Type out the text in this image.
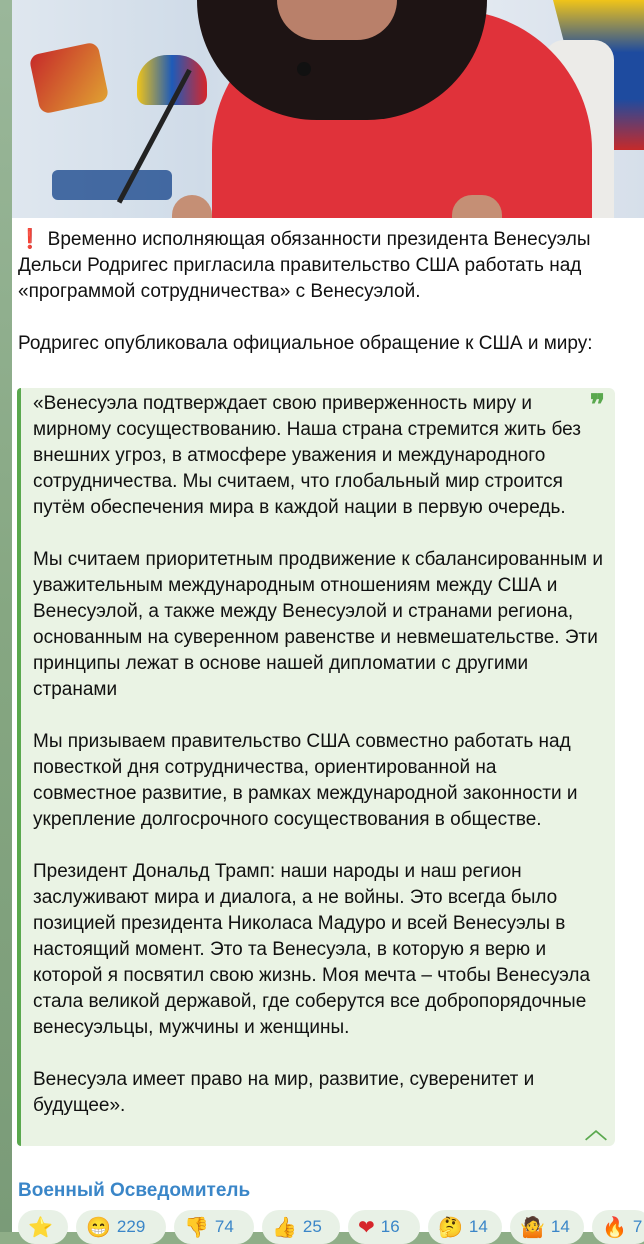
❗ Временно исполняющая обязанности президента Венесуэлы Дельси Родригес пригласила правительство США работать над «программой сотрудничества» с Венесуэлой.
Родригес опубликовала официальное обращение к США и миру:
❞

«Венесуэла подтверждает свою приверженность миру и мирному сосуществованию. Наша страна стремится жить без внешних угроз, в атмосфере уважения и международного сотрудничества. Мы считаем, что глобальный мир строится путём обеспечения мира в каждой нации в первую очередь.

Мы считаем приоритетным продвижение к сбалансированным и уважительным международным отношениям между США и Венесуэлой, а также между Венесуэлой и странами региона, основанным на суверенном равенстве и невмешательстве. Эти принципы лежат в основе нашей дипломатии с другими странами

Мы призываем правительство США совместно работать над повесткой дня сотрудничества, ориентированной на совместное развитие, в рамках международной законности и укрепление долгосрочного сосуществования в обществе.

Президент Дональд Трамп: наши народы и наш регион заслуживают мира и диалога, а не войны. Это всегда было позицией президента Николаса Мадуро и всей Венесуэлы в настоящий момент. Это та Венесуэла, в которую я верю и которой я посвятил свою жизнь. Моя мечта – чтобы Венесуэла стала великой державой, где соберутся все добропорядочные венесуэльцы, мужчины и женщины.

Венесуэла имеет право на мир, развитие, суверенитет и будущее».

︿
Военный Осведомитель
⭐ 😁 229 👎 74 👍 25 ❤ 16 🤔 14 🤷 14 🔥 7
